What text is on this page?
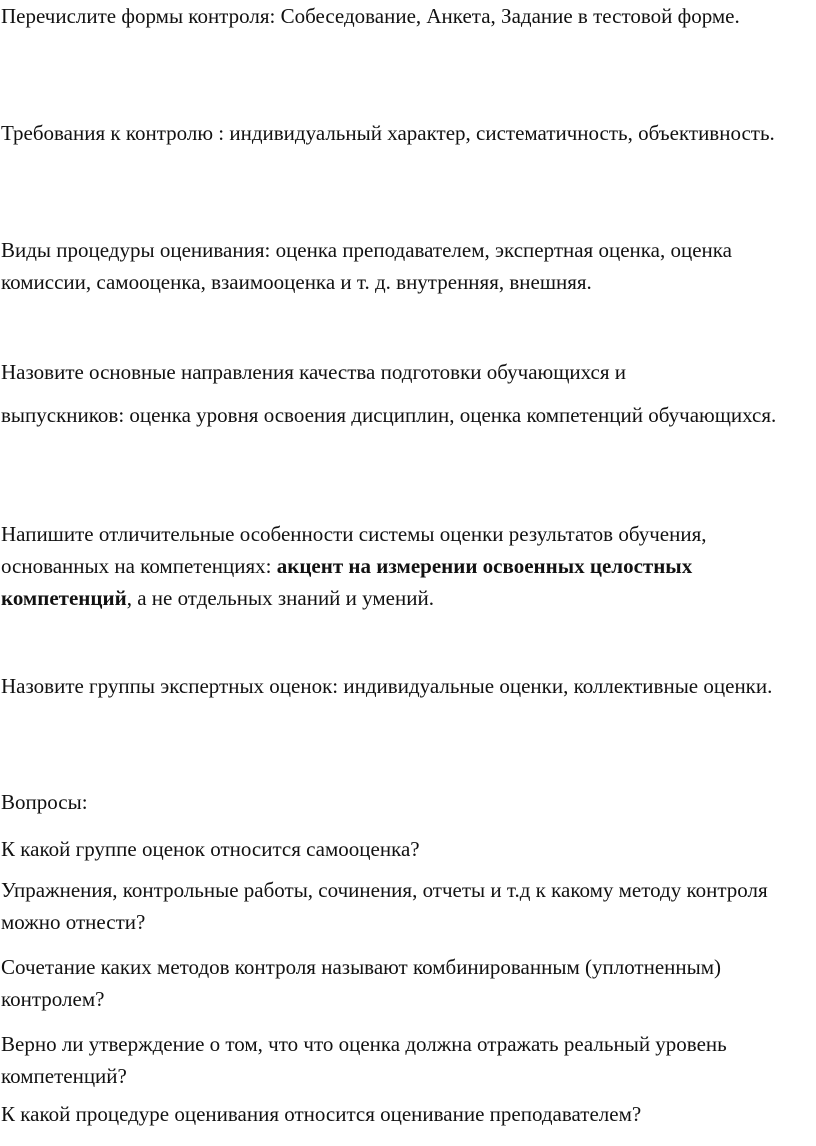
Перечислите формы контроля: Собеседование, Анкета, Задание в тестовой форме.

Требования к контролю : индивидуальный характер, систематичность, объективность.

Виды процедуры оценивания: оценка преподавателем, экспертная оценка, оценка комиссии, самооценка, взаимооценка и т. д. внутренняя, внешняя.

Назовите основные направления качества подготовки обучающихся и

выпускников: оценка уровня освоения дисциплин, оценка компетенций обучающихся.

Напишите отличительные особенности системы оценки результатов обучения, основанных на компетенциях: акцент на измерении освоенных целостных компетенций, а не отдельных знаний и умений.

Назовите группы экспертных оценок: индивидуальные оценки, коллективные оценки.

Вопросы:

К какой группе оценок относится самооценка?

Упражнения, контрольные работы, сочинения, отчеты и т.д к какому методу контроля можно отнести?

Сочетание каких методов контроля называют комбинированным (уплотненным) контролем?

Верно ли утверждение о том, что что оценка должна отражать реальный уровень компетенций?

К какой процедуре оценивания относится оценивание преподавателем?
